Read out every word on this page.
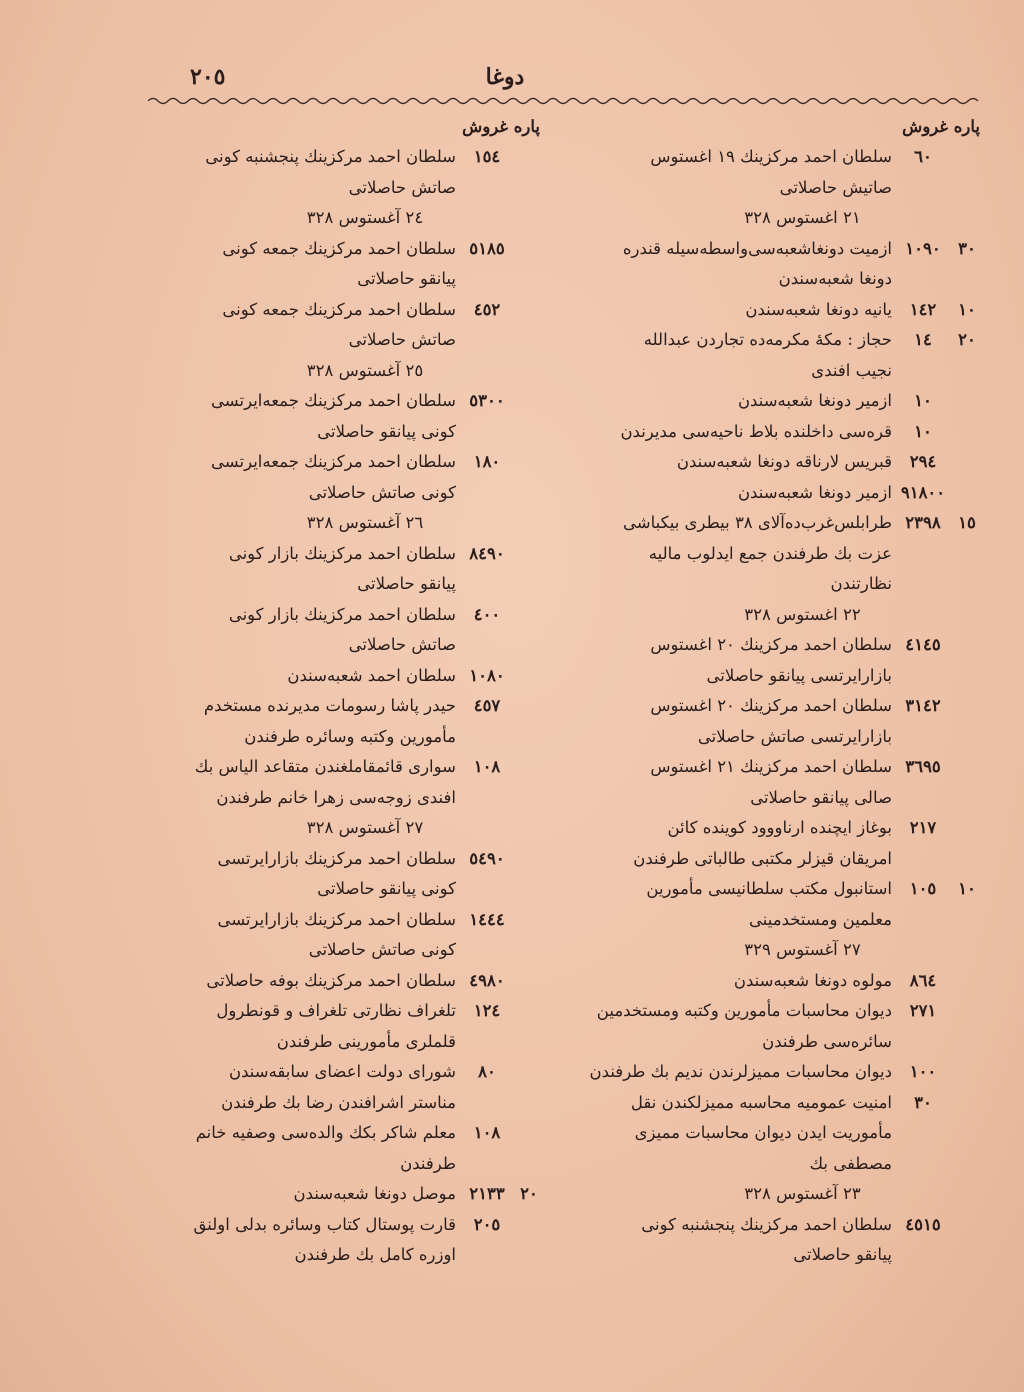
٢٠٥	دوغا
پاره غروش
٦٠
سلطان احمد مركزينك ١٩ اغستوس
صاتيش حاصلاتى
٢١ اغستوس ٣٢٨
٣٠
١٠٩٠
ازميت دونغاشعبه‌سى‌واسطه‌سيله قندره
دونغا شعبه‌سندن
١٠
١٤٢
يانيه دونغا شعبه‌سندن
٢٠
١٤
حجاز : مكهٔ مكرمه‌ده تجاردن عبدالله
نجيب افندى
١٠
ازمير دونغا شعبه‌سندن
١٠
قره‌سى داخلنده بلاط ناحيه‌سى مديرندن
٢٩٤
قبريس لارناقه دونغا شعبه‌سندن
٩١٨٠٠
ازمير دونغا شعبه‌سندن
١٥
٢٣٩٨
طرابلس‌غرب‌ده‌آلاى ٣٨ بيطرى بيكباشى
عزت بك طرفندن جمع ايدلوب ماليه
نظارتندن
٢٢ اغستوس ٣٢٨
٤١٤٥
سلطان احمد مركزينك ٢٠ اغستوس
بازارايرتسى پيانقو حاصلاتى
٣١٤٢
سلطان احمد مركزينك ٢٠ اغستوس
بازارايرتسى صاتش حاصلاتى
٣٦٩٥
سلطان احمد مركزينك ٢١ اغستوس
صالى پيانقو حاصلاتى
٢١٧
بوغاز ايچنده ارناووود كوينده كائن
امريقان قيزلر مكتبى طالباتى طرفندن
١٠
١٠٥
استانبول مكتب سلطانيسى مأمورين
معلمين ومستخدمينى
٢٧ آغستوس ٣٢٩
٨٦٤
مولوه دونغا شعبه‌سندن
٢٧١
ديوان محاسبات مأمورين وكتبه ومستخدمين
سائره‌سى طرفندن
١٠٠
ديوان محاسبات مميزلرندن نديم بك طرفندن
٣٠
امنيت عموميه محاسبه مميزلكندن نقل
مأموريت ايدن ديوان محاسبات مميزى
مصطفى بك
٢٣ آغستوس ٣٢٨
٤٥١٥
سلطان احمد مركزينك پنجشنبه كونى
پيانقو حاصلاتى
پاره غروش
١٥٤
سلطان احمد مركزينك پنجشنبه كونى
صاتش حاصلاتى
٢٤ آغستوس ٣٢٨
٥١٨٥
سلطان احمد مركزينك جمعه كونى
پيانقو حاصلاتى
٤٥٢
سلطان احمد مركزينك جمعه كونى
صاتش حاصلاتى
٢٥ آغستوس ٣٢٨
٥٣٠٠
سلطان احمد مركزينك جمعه‌ايرتسى
كونى پيانقو حاصلاتى
١٨٠
سلطان احمد مركزينك جمعه‌ايرتسى
كونى صاتش حاصلاتى
٢٦ آغستوس ٣٢٨
٨٤٩٠
سلطان احمد مركزينك بازار كونى
پيانقو حاصلاتى
٤٠٠
سلطان احمد مركزينك بازار كونى
صاتش حاصلاتى
١٠٨٠
سلطان احمد شعبه‌سندن
٤٥٧
حيدر پاشا رسومات مديرنده مستخدم
مأمورين وكتبه وسائره طرفندن
١٠٨
سوارى قائمقاملغندن متقاعد الياس بك
افندى زوجه‌سى زهرا خانم طرفندن
٢٧ آغستوس ٣٢٨
٥٤٩٠
سلطان احمد مركزينك بازارايرتسى
كونى پيانقو حاصلاتى
١٤٤٤
سلطان احمد مركزينك بازارايرتسى
كونى صاتش حاصلاتى
٤٩٨٠
سلطان احمد مركزينك بوفه حاصلاتى
١٢٤
تلغراف نظارتى تلغراف و قونطرول
قلملرى مأمورينى طرفندن
٨٠
شوراى دولت اعضاى سابقه‌سندن
مناستر اشرافندن رضا بك طرفندن
١٠٨
معلم شاكر بكك والده‌سى وصفيه خانم
طرفندن
٢٠
٢١٣٣
موصل دونغا شعبه‌سندن
٢٠٥
قارت پوستال كتاب وسائره بدلى اولنق
اوزره كامل بك طرفندن
